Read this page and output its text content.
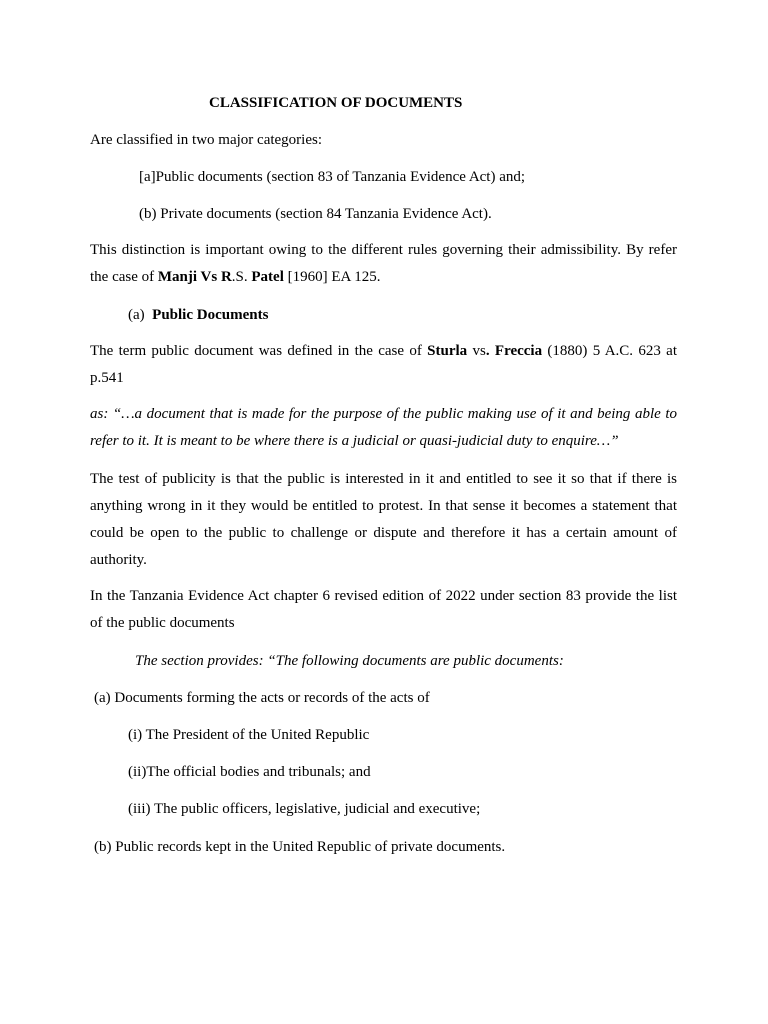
CLASSIFICATION OF DOCUMENTS
Are classified in two major categories:
[a]Public documents (section 83 of Tanzania Evidence Act) and;
(b) Private documents (section 84 Tanzania Evidence Act).
This distinction is important owing to the different rules governing their admissibility. By refer
the case of Manji Vs R.S. Patel [1960] EA 125.
(a) Public Documents
The term public document was defined in the case of Sturla vs. Freccia (1880) 5 A.C. 623 at
p.541
as: “…a document that is made for the purpose of the public making use of it and being able to
refer to it. It is meant to be where there is a judicial or quasi-judicial duty to enquire…”
The test of publicity is that the public is interested in it and entitled to see it so that if there is
anything wrong in it they would be entitled to protest. In that sense it becomes a statement that
could be open to the public to challenge or dispute and therefore it has a certain amount of
authority.
In the Tanzania Evidence Act chapter 6 revised edition of 2022 under section 83 provide the list
of the public documents
The section provides: “The following documents are public documents:
(a) Documents forming the acts or records of the acts of
(i) The President of the United Republic
(ii)The official bodies and tribunals; and
(iii) The public officers, legislative, judicial and executive;
(b) Public records kept in the United Republic of private documents.
